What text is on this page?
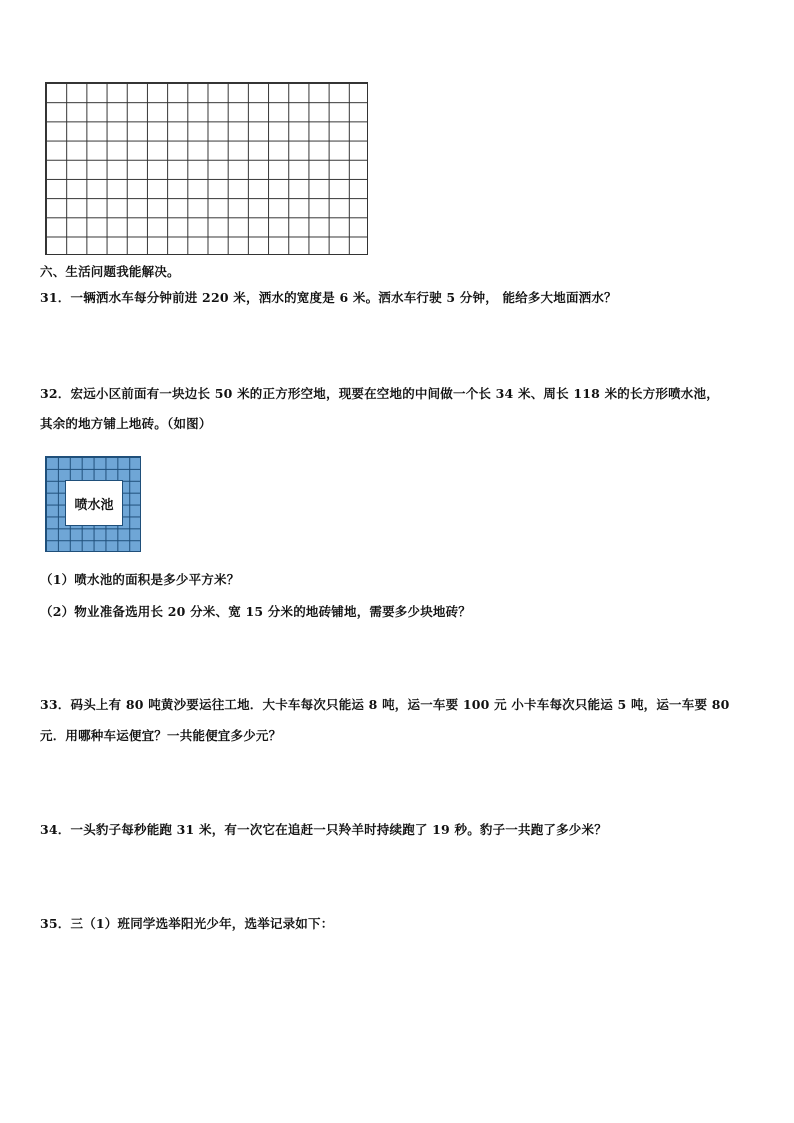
六、生活问题我能解决。
31．一辆洒水车每分钟前进 220 米，洒水的宽度是 6 米。洒水车行驶 5 分钟， 能给多大地面洒水？
32．宏远小区前面有一块边长 50 米的正方形空地，现要在空地的中间做一个长 34 米、周长 118 米的长方形喷水池，
其余的地方铺上地砖。（如图）
喷水池
（1）喷水池的面积是多少平方米？
（2）物业准备选用长 20 分米、宽 15 分米的地砖铺地，需要多少块地砖？
33．码头上有 80 吨黄沙要运往工地．大卡车每次只能运 8 吨，运一车要 100 元 小卡车每次只能运 5 吨，运一车要 80
元．用哪种车运便宜？一共能便宜多少元？
34．一头豹子每秒能跑 31 米，有一次它在追赶一只羚羊时持续跑了 19 秒。豹子一共跑了多少米？
35．三（1）班同学选举阳光少年，选举记录如下：
